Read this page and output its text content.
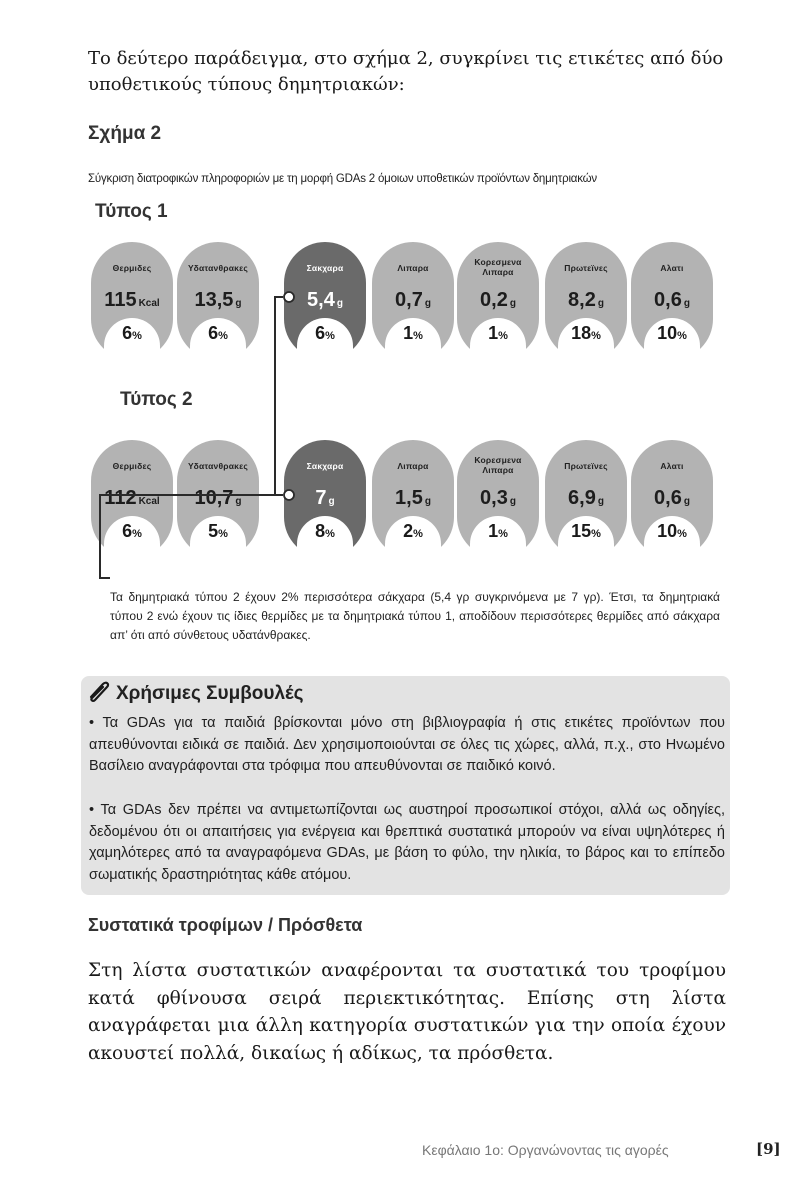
Το δεύτερο παράδειγμα, στο σχήμα 2, συγκρίνει τις ετικέτες από δύο υποθετικούς τύπους δημητριακών:
Σχήμα 2
Σύγκριση διατροφικών πληροφοριών με τη μορφή GDAs 2 όμοιων υποθετικών προϊόντων δημητριακών
Τύπος 1
Τύπος 2
Θερμιδες
115 Kcal
6%
Υδατανθρακες
13,5 g
6%
Σακχαρα
5,4 g
6%
Λιπαρα
0,7 g
1%
Κορεσμενα
Λιπαρα
0,2 g
1%
Πρωτεϊνες
8,2 g
18%
Αλατι
0,6 g
10%
Θερμιδες
112 Kcal
6%
Υδατανθρακες
10,7 g
5%
Σακχαρα
7 g
8%
Λιπαρα
1,5 g
2%
Κορεσμενα
Λιπαρα
0,3 g
1%
Πρωτεϊνες
6,9 g
15%
Αλατι
0,6 g
10%
Τα δημητριακά τύπου 2 έχουν 2% περισσότερα σάκχαρα (5,4 γρ συγκρινόμενα με 7 γρ). Έτσι, τα δημητριακά τύπου 2 ενώ έχουν τις ίδιες θερμίδες με τα δημητριακά τύπου 1, αποδίδουν περισσότερες θερμίδες από σάκχαρα απ’ ότι από σύνθετους υδατάνθρακες.
Χρήσιμες Συμβουλές
• Τα GDAs για τα παιδιά βρίσκονται μόνο στη βιβλιογραφία ή στις ετικέτες προϊόντων που απευθύνονται ειδικά σε παιδιά. Δεν χρησιμοποιούνται σε όλες τις χώρες, αλλά, π.χ., στο Ηνωμένο Βασίλειο αναγράφονται στα τρόφιμα που απευθύνονται σε παιδικό κοινό.
• Τα GDAs δεν πρέπει να αντιμετωπίζονται ως αυστηροί προσωπικοί στόχοι, αλλά ως οδηγίες, δεδομένου ότι οι απαιτήσεις για ενέργεια και θρεπτικά συστατικά μπορούν να είναι υψηλότερες ή χαμηλότερες από τα αναγραφόμενα GDAs, με βάση το φύλο, την ηλικία, το βάρος και το επίπεδο σωματικής δραστηριότητας κάθε ατόμου.
Συστατικά τροφίμων / Πρόσθετα
Στη λίστα συστατικών αναφέρονται τα συστατικά του τροφίμου κατά φθίνουσα σειρά περιεκτικότητας. Επίσης στη λίστα αναγράφεται μια άλλη κατηγορία συστατικών για την οποία έχουν ακουστεί πολλά, δικαίως ή αδίκως, τα πρόσθετα.
Κεφάλαιο 1ο: Οργανώνοντας τις αγορές	[9]
